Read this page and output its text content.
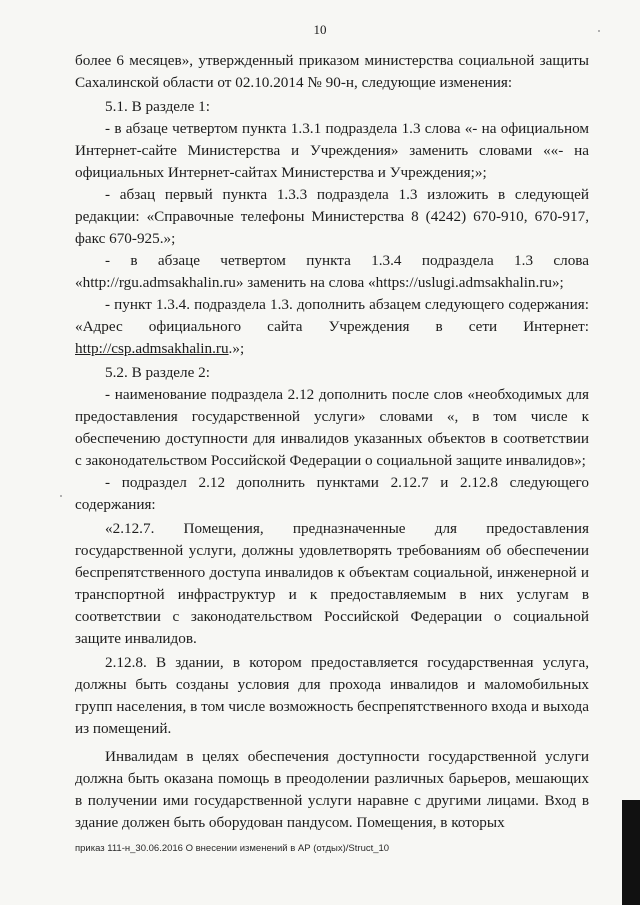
10

более 6 месяцев», утвержденный приказом министерства социальной защиты Сахалинской области от 02.10.2014 № 90-н, следующие изменения:

5.1. В разделе 1:

- в абзаце четвертом пункта 1.3.1 подраздела 1.3 слова «- на официальном Интернет-сайте Министерства и Учреждения» заменить словами ««- на официальных Интернет-сайтах Министерства и Учреждения;»;

- абзац первый пункта 1.3.3 подраздела 1.3 изложить в следующей редакции: «Справочные телефоны Министерства 8 (4242) 670-910, 670-917, факс 670-925.»;

- в абзаце четвертом пункта 1.3.4 подраздела 1.3 слова «http://rgu.admsakhalin.ru» заменить на слова «https://uslugi.admsakhalin.ru»;

- пункт 1.3.4. подраздела 1.3. дополнить абзацем следующего содержания: «Адрес официального сайта Учреждения в сети Интернет: http://csp.admsakhalin.ru.»;

5.2. В разделе 2:

- наименование подраздела 2.12 дополнить после слов «необходимых для предоставления государственной услуги» словами «, в том числе к обеспечению доступности для инвалидов указанных объектов в соответствии с законодательством Российской Федерации о социальной защите инвалидов»;

- подраздел 2.12 дополнить пунктами 2.12.7 и 2.12.8 следующего содержания:

«2.12.7. Помещения, предназначенные для предоставления государственной услуги, должны удовлетворять требованиям об обеспечении беспрепятственного доступа инвалидов к объектам социальной, инженерной и транспортной инфраструктур и к предоставляемым в них услугам в соответствии с законодательством Российской Федерации о социальной защите инвалидов.

2.12.8. В здании, в котором предоставляется государственная услуга, должны быть созданы условия для прохода инвалидов и маломобильных групп населения, в том числе возможность беспрепятственного входа и выхода из помещений.

Инвалидам в целях обеспечения доступности государственной услуги должна быть оказана помощь в преодолении различных барьеров, мешающих в получении ими государственной услуги наравне с другими лицами. Вход в здание должен быть оборудован пандусом. Помещения, в которых

приказ 111-н_30.06.2016 О внесении изменений в АР (отдых)/Struct_10
